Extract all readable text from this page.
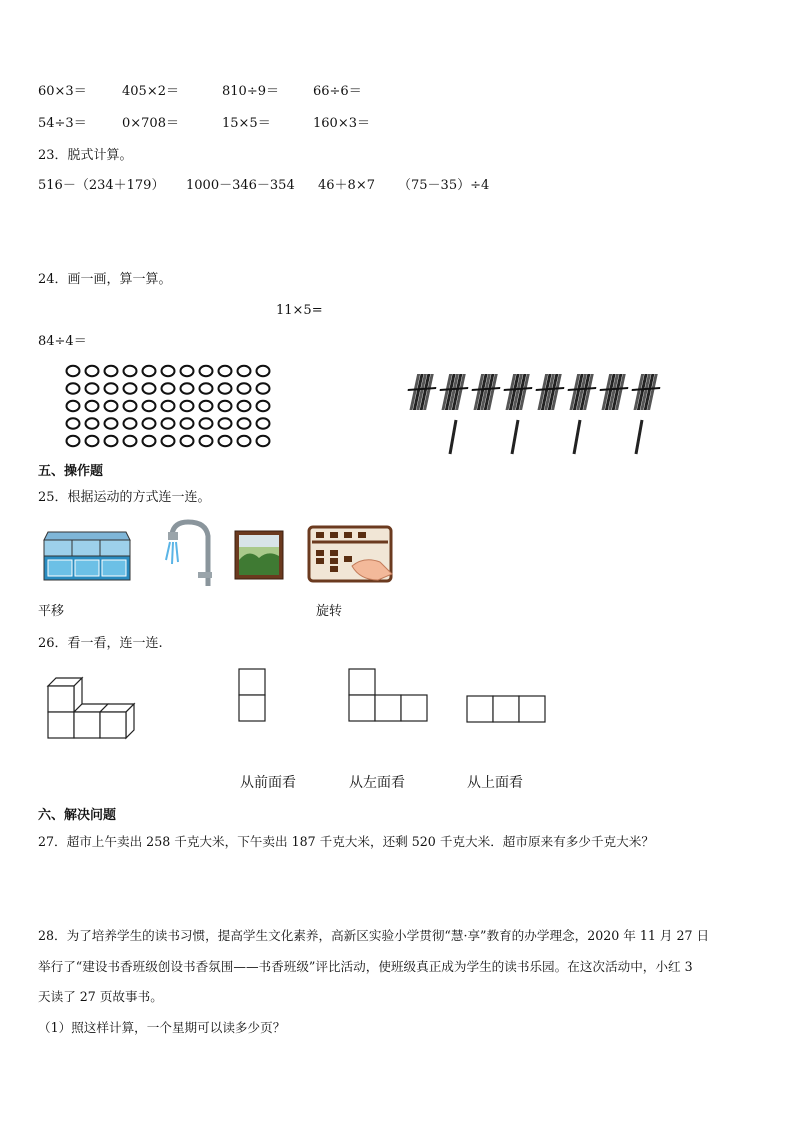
60×3＝	405×2＝	810÷9＝	66÷6＝
54÷3＝	0×708＝	15×5＝	160×3＝
23．脱式计算。
516－（234＋179） 1000－346－354 46＋8×7 （75－35）÷4
24．画一画，算一算。
11×5=
84÷4＝
五、操作题
25．根据运动的方式连一连。
平移	旋转
26．看一看，连一连.
从前面看	从左面看	从上面看
六、解决问题
27．超市上午卖出 258 千克大米，下午卖出 187 千克大米，还剩 520 千克大米．超市原来有多少千克大米？
28．为了培养学生的读书习惯，提高学生文化素养，高新区实验小学贯彻“慧·享”教育的办学理念，2020 年 11 月 27 日
举行了“建设书香班级创设书香氛围——书香班级”评比活动，使班级真正成为学生的读书乐园。在这次活动中，小红 3
天读了 27 页故事书。
（1）照这样计算，一个星期可以读多少页？
